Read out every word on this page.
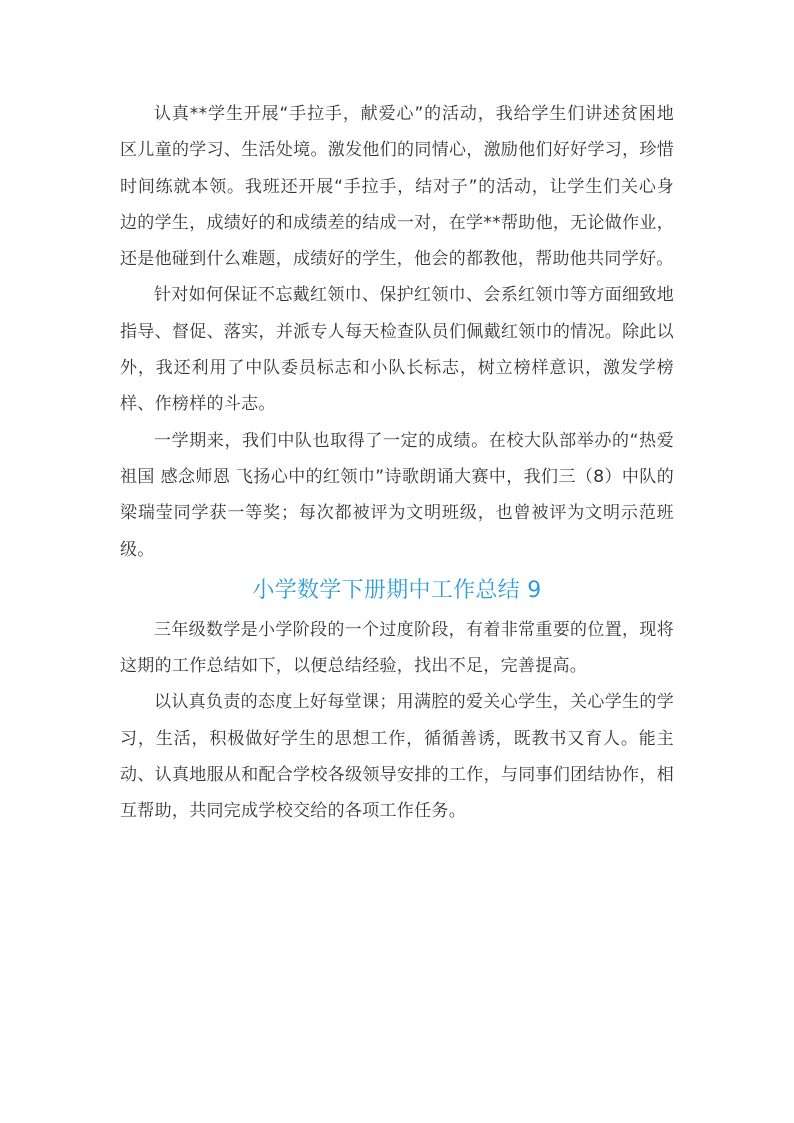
认真**学生开展“手拉手，献爱心”的活动，我给学生们讲述贫困地区儿童的学习、生活处境。激发他们的同情心，激励他们好好学习，珍惜时间练就本领。我班还开展“手拉手，结对子”的活动，让学生们关心身边的学生，成绩好的和成绩差的结成一对，在学**帮助他，无论做作业，还是他碰到什么难题，成绩好的学生，他会的都教他，帮助他共同学好。

针对如何保证不忘戴红领巾、保护红领巾、会系红领巾等方面细致地指导、督促、落实，并派专人每天检查队员们佩戴红领巾的情况。除此以外，我还利用了中队委员标志和小队长标志，树立榜样意识，激发学榜样、作榜样的斗志。

一学期来，我们中队也取得了一定的成绩。在校大队部举办的“热爱祖国 感念师恩 飞扬心中的红领巾”诗歌朗诵大赛中，我们三（8）中队的梁瑞莹同学获一等奖；每次都被评为文明班级，也曾被评为文明示范班级。

小学数学下册期中工作总结 9

三年级数学是小学阶段的一个过度阶段，有着非常重要的位置，现将这期的工作总结如下，以便总结经验，找出不足，完善提高。

以认真负责的态度上好每堂课；用满腔的爱关心学生，关心学生的学习，生活，积极做好学生的思想工作，循循善诱，既教书又育人。能主动、认真地服从和配合学校各级领导安排的工作，与同事们团结协作，相互帮助，共同完成学校交给的各项工作任务。
